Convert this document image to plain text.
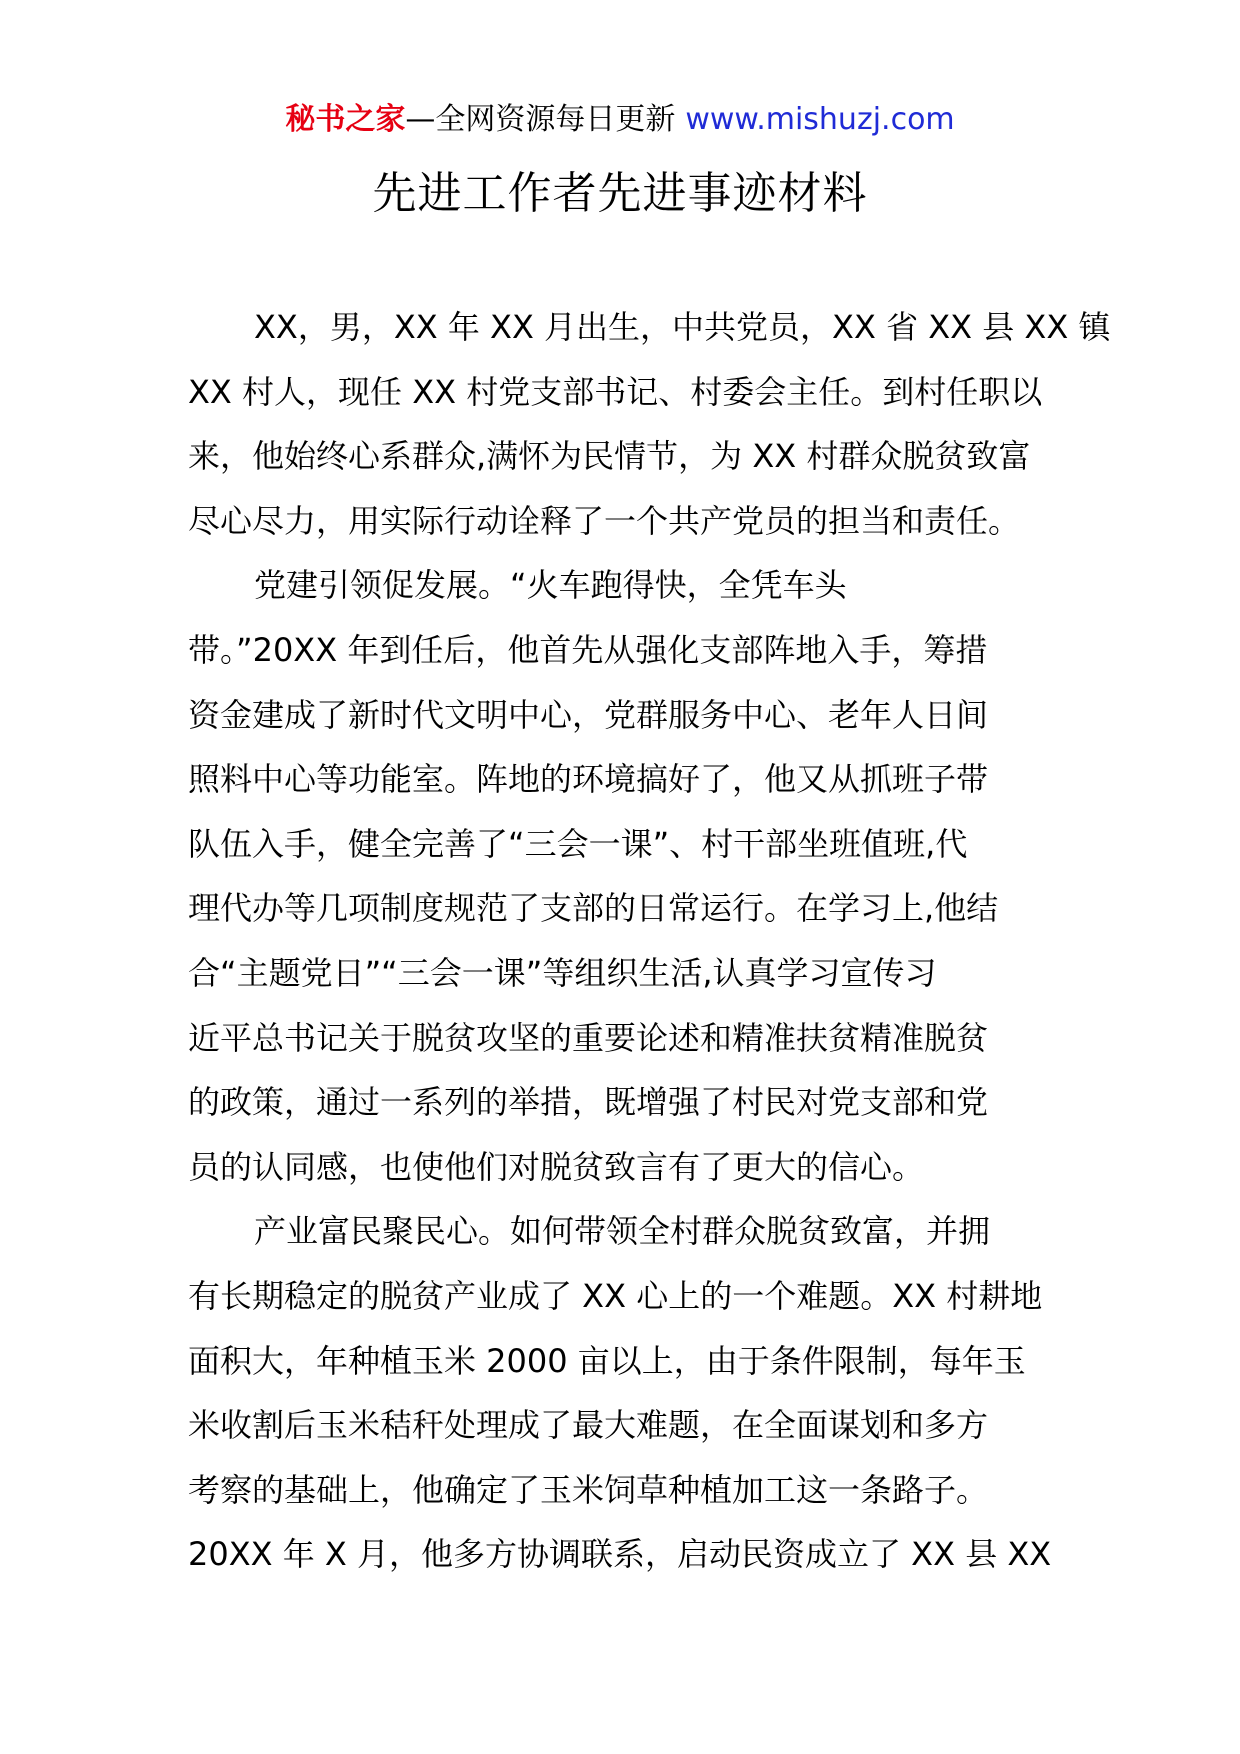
秘书之家—全网资源每日更新 www.mishuzj.com
先进工作者先进事迹材料
XX，男，XX 年 XX 月出生，中共党员，XX 省 XX 县 XX 镇
XX 村人，现任 XX 村党支部书记、村委会主任。到村任职以
来，他始终心系群众,满怀为民情节，为 XX 村群众脱贫致富
尽心尽力，用实际行动诠释了一个共产党员的担当和责任。
党建引领促发展。“火车跑得快，全凭车头
带。”20XX 年到任后，他首先从强化支部阵地入手，筹措
资金建成了新时代文明中心，党群服务中心、老年人日间
照料中心等功能室。阵地的环境搞好了，他又从抓班子带
队伍入手，健全完善了“三会一课”、村干部坐班值班,代
理代办等几项制度规范了支部的日常运行。在学习上,他结
合“主题党日”“三会一课”等组织生活,认真学习宣传习
近平总书记关于脱贫攻坚的重要论述和精准扶贫精准脱贫
的政策，通过一系列的举措，既增强了村民对党支部和党
员的认同感，也使他们对脱贫致言有了更大的信心。
产业富民聚民心。如何带领全村群众脱贫致富，并拥
有长期稳定的脱贫产业成了 XX 心上的一个难题。XX 村耕地
面积大，年种植玉米 2000 亩以上，由于条件限制，每年玉
米收割后玉米秸秆处理成了最大难题，在全面谋划和多方
考察的基础上，他确定了玉米饲草种植加工这一条路子。
20XX 年 X 月，他多方协调联系，启动民资成立了 XX 县 XX
